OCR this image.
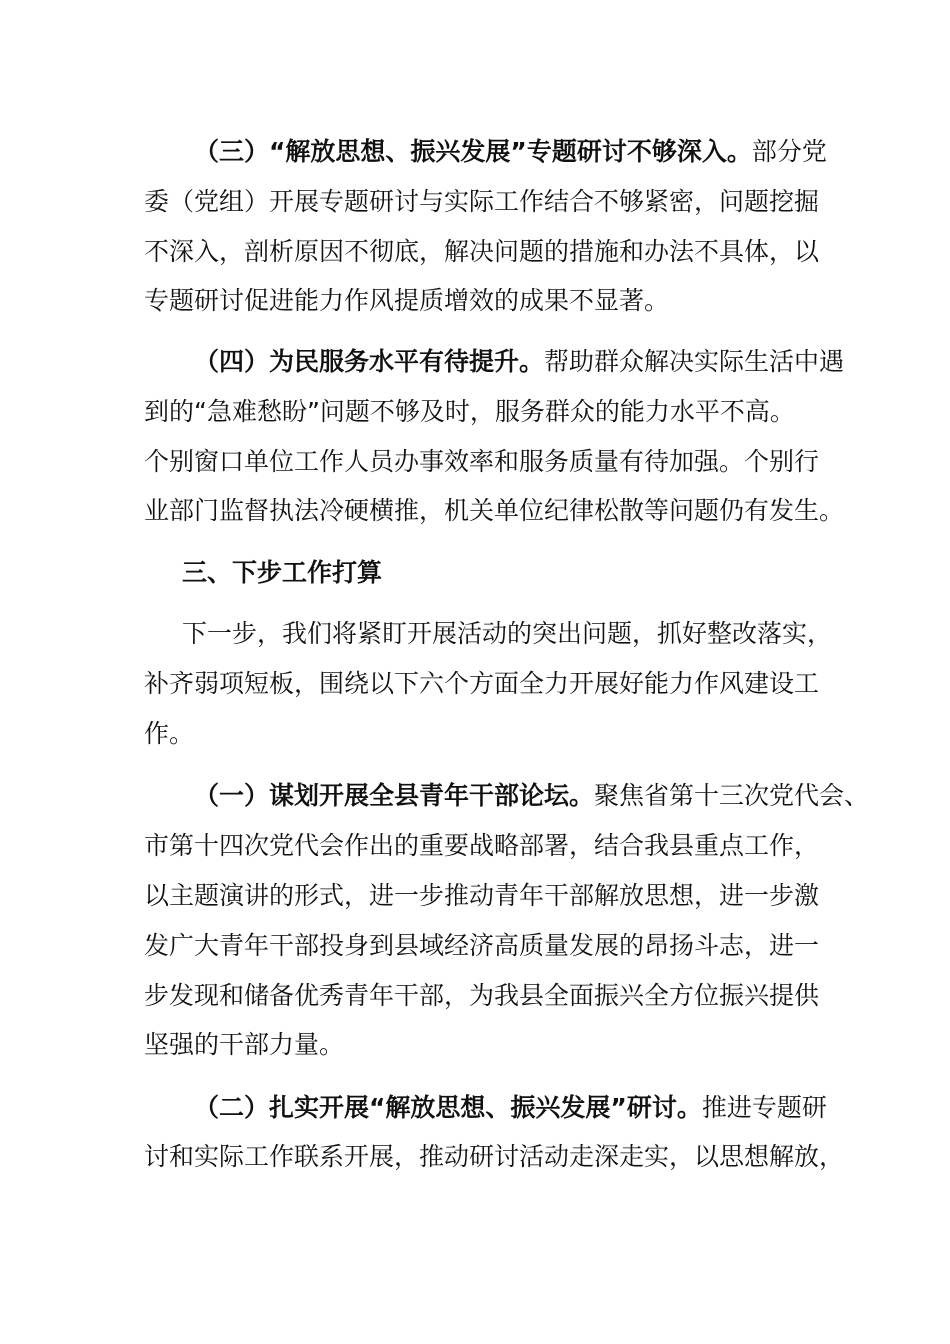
（三）“解放思想、振兴发展”专题研讨不够深入。部分党
委（党组）开展专题研讨与实际工作结合不够紧密，问题挖掘
不深入，剖析原因不彻底，解决问题的措施和办法不具体，以
专题研讨促进能力作风提质增效的成果不显著。
（四）为民服务水平有待提升。帮助群众解决实际生活中遇
到的“急难愁盼”问题不够及时，服务群众的能力水平不高。
个别窗口单位工作人员办事效率和服务质量有待加强。个别行
业部门监督执法冷硬横推，机关单位纪律松散等问题仍有发生。
三、下步工作打算
下一步，我们将紧盯开展活动的突出问题，抓好整改落实，
补齐弱项短板，围绕以下六个方面全力开展好能力作风建设工
作。
（一）谋划开展全县青年干部论坛。聚焦省第十三次党代会、
市第十四次党代会作出的重要战略部署，结合我县重点工作，
以主题演讲的形式，进一步推动青年干部解放思想，进一步激
发广大青年干部投身到县域经济高质量发展的昂扬斗志，进一
步发现和储备优秀青年干部，为我县全面振兴全方位振兴提供
坚强的干部力量。
（二）扎实开展“解放思想、振兴发展”研讨。推进专题研
讨和实际工作联系开展，推动研讨活动走深走实，以思想解放，
